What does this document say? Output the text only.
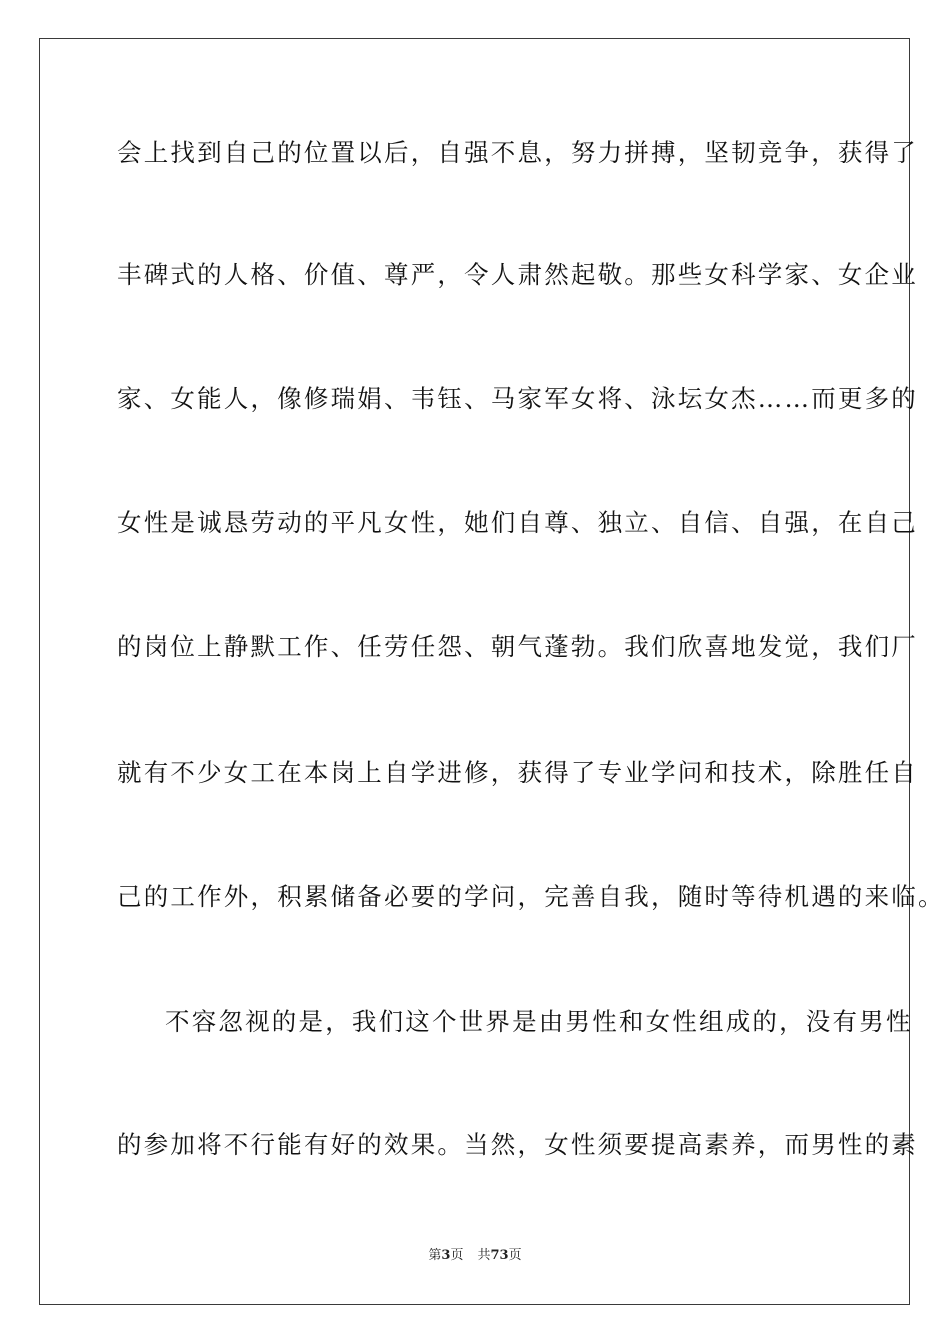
会上找到自己的位置以后，自强不息，努力拼搏，坚韧竞争，获得了
丰碑式的人格、价值、尊严，令人肃然起敬。那些女科学家、女企业
家、女能人，像修瑞娟、韦钰、马家军女将、泳坛女杰……而更多的
女性是诚恳劳动的平凡女性，她们自尊、独立、自信、自强，在自己
的岗位上静默工作、任劳任怨、朝气蓬勃。我们欣喜地发觉，我们厂
就有不少女工在本岗上自学进修，获得了专业学问和技术，除胜任自
己的工作外，积累储备必要的学问，完善自我，随时等待机遇的来临。
不容忽视的是，我们这个世界是由男性和女性组成的，没有男性
的参加将不行能有好的效果。当然，女性须要提高素养，而男性的素
第3页 共73页
